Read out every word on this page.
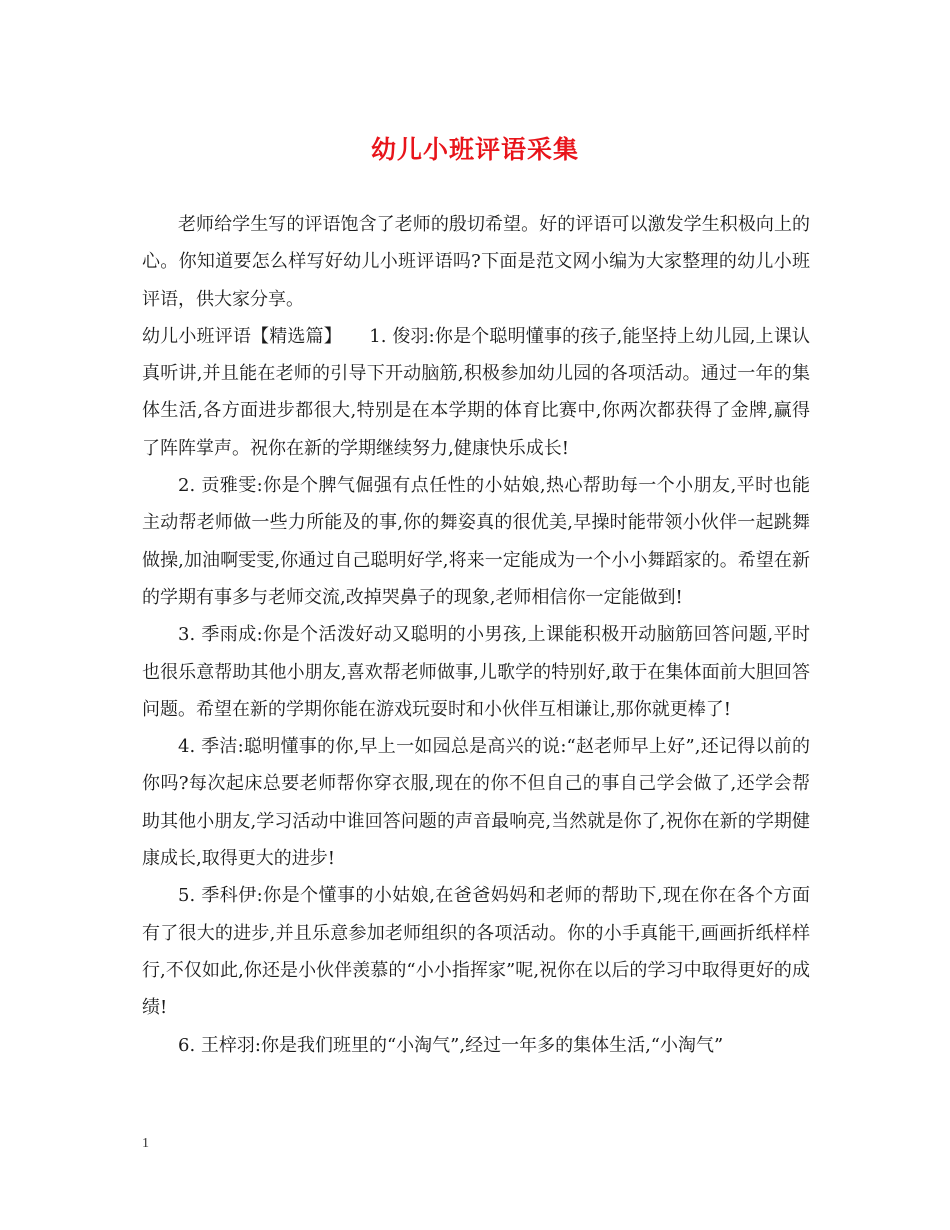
幼儿小班评语采集

老师给学生写的评语饱含了老师的殷切希望。好的评语可以激发学生积极向上的心。你知道要怎么样写好幼儿小班评语吗?下面是范文网小编为大家整理的幼儿小班评语，供大家分享。

幼儿小班评语【精选篇】　　1. 俊羽:你是个聪明懂事的孩子,能坚持上幼儿园,上课认真听讲,并且能在老师的引导下开动脑筋,积极参加幼儿园的各项活动。通过一年的集体生活,各方面进步都很大,特别是在本学期的体育比赛中,你两次都获得了金牌,赢得了阵阵掌声。祝你在新的学期继续努力,健康快乐成长!

2. 贡雅雯:你是个脾气倔强有点任性的小姑娘,热心帮助每一个小朋友,平时也能主动帮老师做一些力所能及的事,你的舞姿真的很优美,早操时能带领小伙伴一起跳舞做操,加油啊雯雯,你通过自己聪明好学,将来一定能成为一个小小舞蹈家的。希望在新的学期有事多与老师交流,改掉哭鼻子的现象,老师相信你一定能做到!

3. 季雨成:你是个活泼好动又聪明的小男孩,上课能积极开动脑筋回答问题,平时也很乐意帮助其他小朋友,喜欢帮老师做事,儿歌学的特别好,敢于在集体面前大胆回答问题。希望在新的学期你能在游戏玩耍时和小伙伴互相谦让,那你就更棒了!

4. 季洁:聪明懂事的你,早上一如园总是高兴的说:“赵老师早上好”,还记得以前的你吗?每次起床总要老师帮你穿衣服,现在的你不但自己的事自己学会做了,还学会帮助其他小朋友,学习活动中谁回答问题的声音最响亮,当然就是你了,祝你在新的学期健康成长,取得更大的进步!

5. 季科伊:你是个懂事的小姑娘,在爸爸妈妈和老师的帮助下,现在你在各个方面有了很大的进步,并且乐意参加老师组织的各项活动。你的小手真能干,画画折纸样样行,不仅如此,你还是小伙伴羡慕的“小小指挥家”呢,祝你在以后的学习中取得更好的成绩!

6. 王梓羽:你是我们班里的“小淘气”,经过一年多的集体生活,“小淘气”

1
